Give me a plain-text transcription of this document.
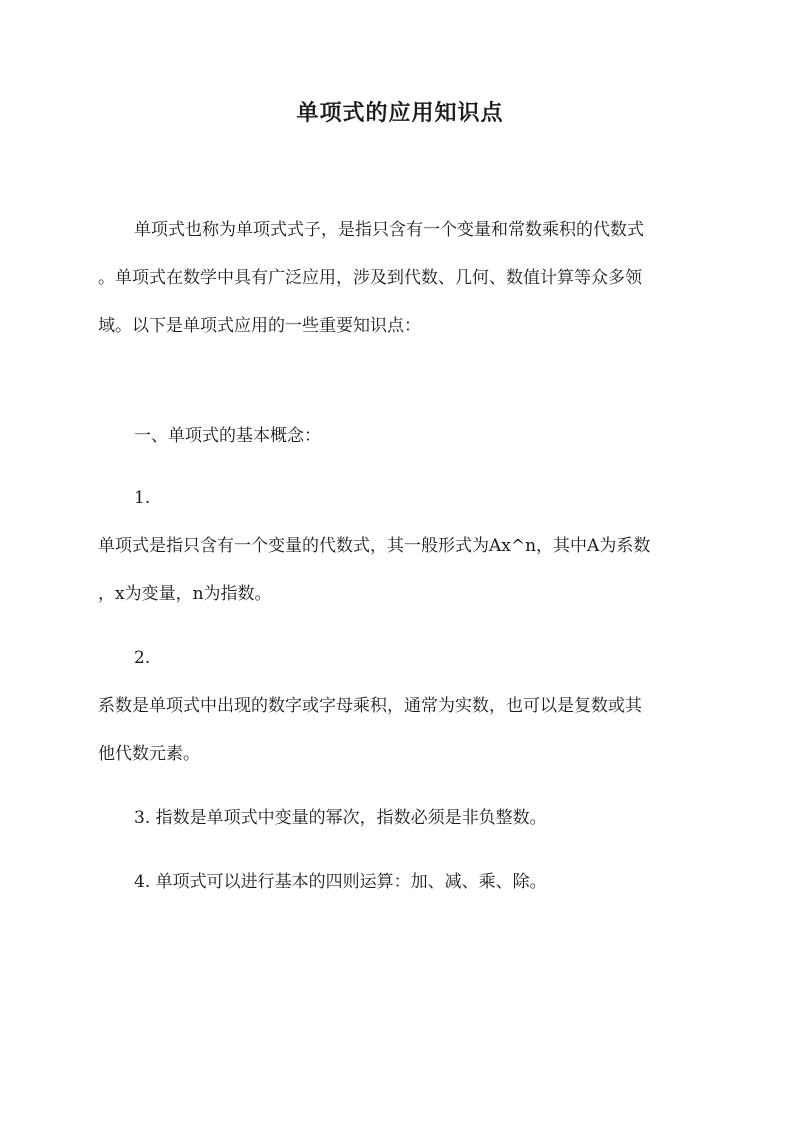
单项式的应用知识点
单项式也称为单项式式子，是指只含有一个变量和常数乘积的代数式
。单项式在数学中具有广泛应用，涉及到代数、几何、数值计算等众多领
域。以下是单项式应用的一些重要知识点：
一、单项式的基本概念：
1.
单项式是指只含有一个变量的代数式，其一般形式为Ax^n，其中A为系数
，x为变量，n为指数。
2.
系数是单项式中出现的数字或字母乘积，通常为实数，也可以是复数或其
他代数元素。
3. 指数是单项式中变量的幂次，指数必须是非负整数。
4. 单项式可以进行基本的四则运算：加、减、乘、除。
